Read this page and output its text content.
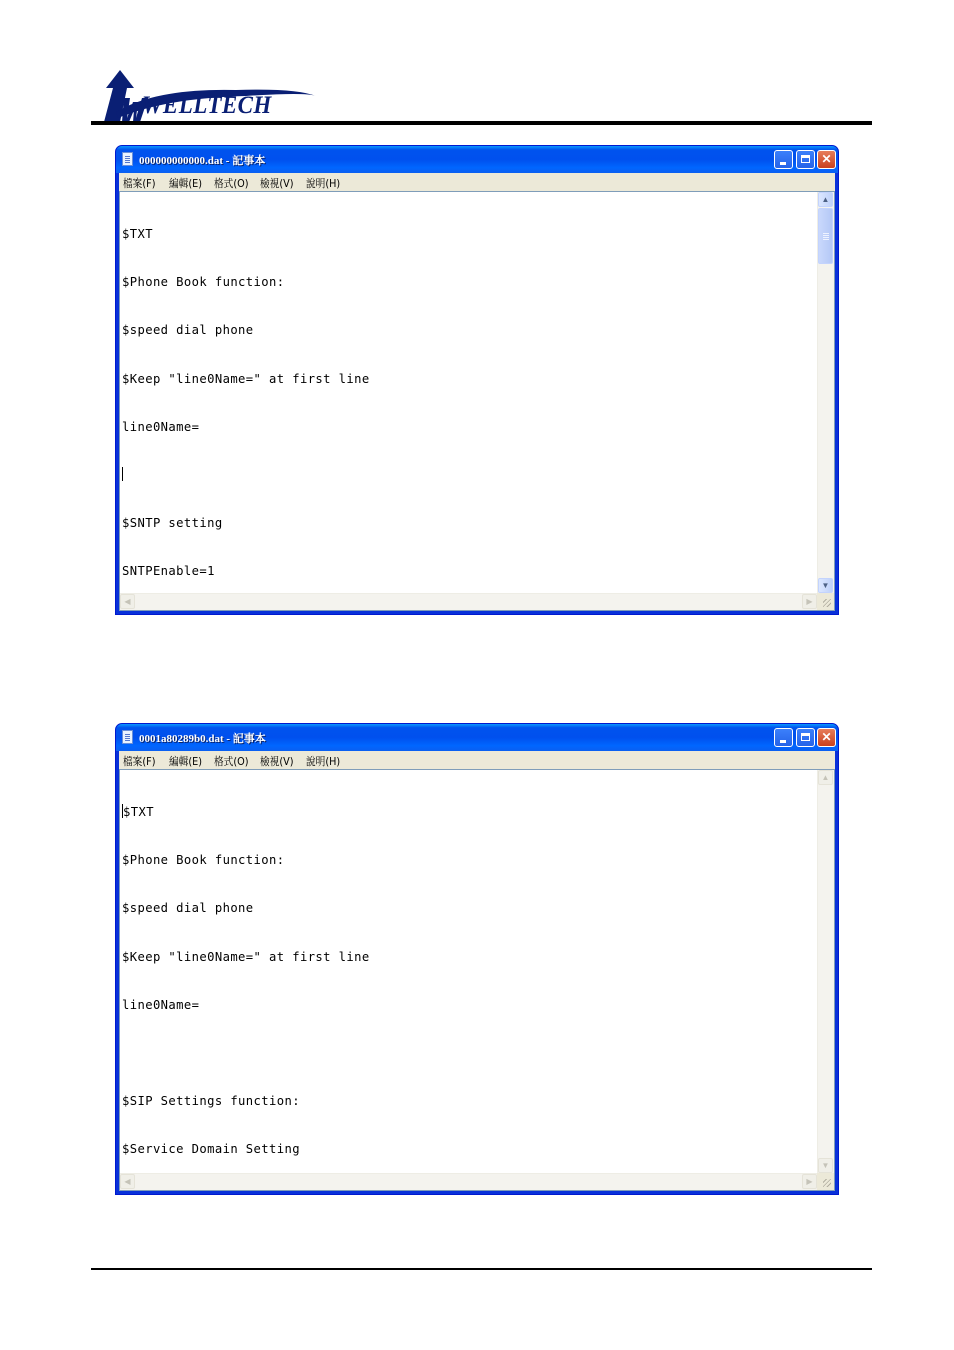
WELLTECH
000000000000.dat - 記事本	✕
檔案(F) 編輯(E) 格式(O) 檢視(V) 說明(H)

$TXT

$Phone Book function:

$speed dial phone

$Keep "line0Name=" at first line

line0Name=

$SNTP setting

SNTPEnable=1

▲
▼
◀	▶
0001a80289b0.dat - 記事本	✕
檔案(F) 編輯(E) 格式(O) 檢視(V) 說明(H)

$TXT

$Phone Book function:

$speed dial phone

$Keep "line0Name=" at first line

line0Name=

$SIP Settings function:

$Service Domain Setting

▲
▼
◀	▶
